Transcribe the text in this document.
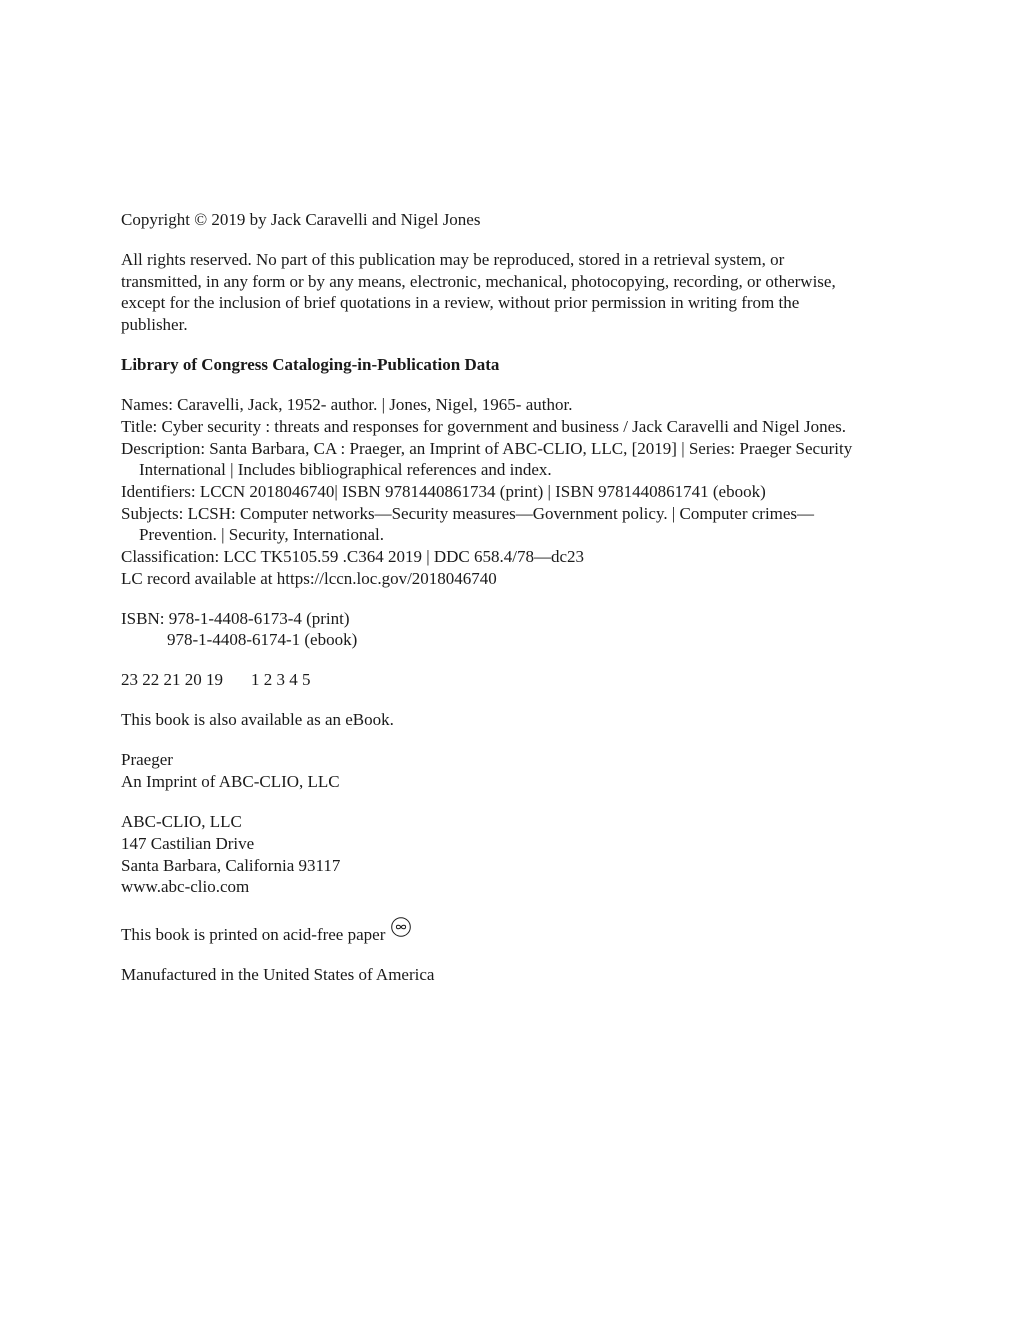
Copyright © 2019 by Jack Caravelli and Nigel Jones
All rights reserved. No part of this publication may be reproduced, stored in a retrieval system, or
transmitted, in any form or by any means, electronic, mechanical, photocopying, recording, or otherwise,
except for the inclusion of brief quotations in a review, without prior permission in writing from the
publisher.
Library of Congress Cataloging-in-Publication Data
Names: Caravelli, Jack, 1952- author. | Jones, Nigel, 1965- author.
Title: Cyber security : threats and responses for government and business / Jack Caravelli and Nigel Jones.
Description: Santa Barbara, CA : Praeger, an Imprint of ABC-CLIO, LLC, [2019] | Series: Praeger Security
International | Includes bibliographical references and index.
Identifiers: LCCN 2018046740| ISBN 9781440861734 (print) | ISBN 9781440861741 (ebook)
Subjects: LCSH: Computer networks—Security measures—Government policy. | Computer crimes—
Prevention. | Security, International.
Classification: LCC TK5105.59 .C364 2019 | DDC 658.4/78—dc23
LC record available at https://lccn.loc.gov/2018046740
ISBN: 978-1-4408-6173-4 (print)
978-1-4408-6174-1 (ebook)
23 22 21 20 19 1 2 3 4 5
This book is also available as an eBook.
Praeger
An Imprint of ABC-CLIO, LLC
ABC-CLIO, LLC
147 Castilian Drive
Santa Barbara, California 93117
www.abc-clio.com
This book is printed on acid-free paper
Manufactured in the United States of America
